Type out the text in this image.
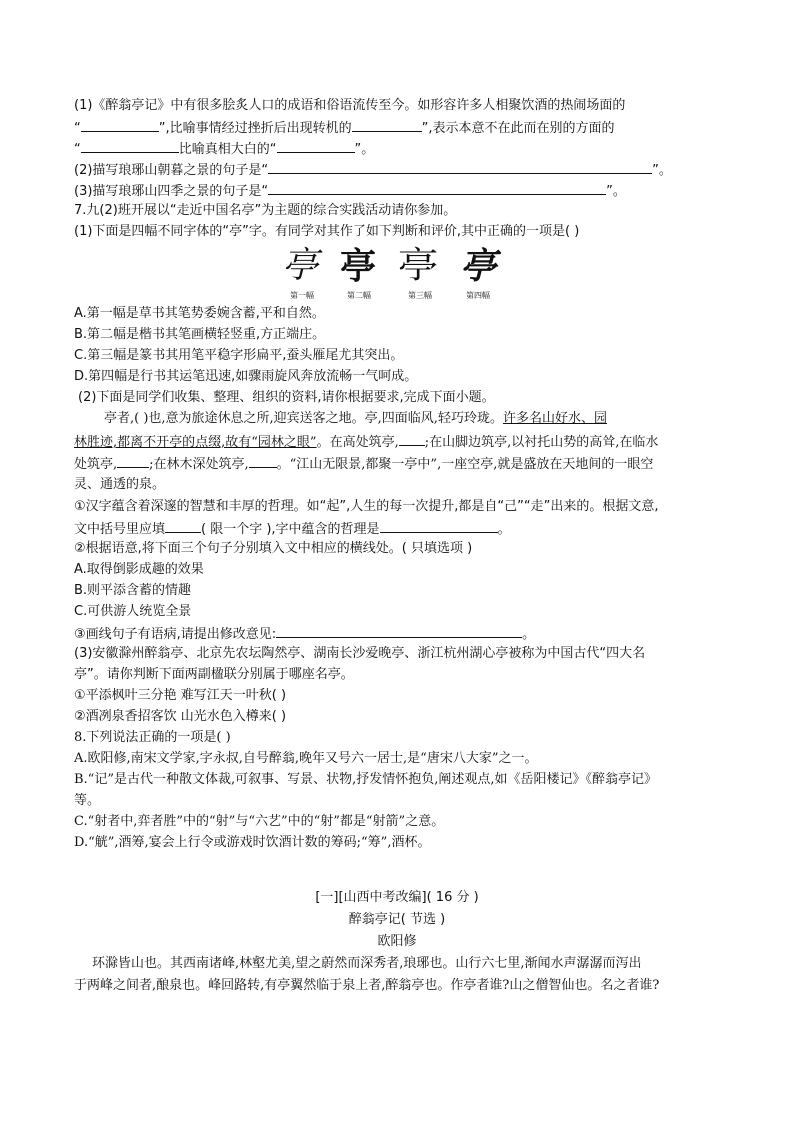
(1)《醉翁亭记》中有很多脍炙人口的成语和俗语流传至今。如形容许多人相聚饮酒的热闹场面的
“	”,比喻事情经过挫折后出现转机的	”,表示本意不在此而在别的方面的
“	比喻真相大白的“	”。
(2)描写琅琊山朝暮之景的句子是“	”。
(3)描写琅琊山四季之景的句子是“	”。
7.九(2)班开展以“走近中国名亭”为主题的综合实践活动请你参加。
(1)下面是四幅不同字体的“亭”字。有同学对其作了如下判断和评价,其中正确的一项是( )
亭 亭 亭 亭
第一幅	第二幅	第三幅	第四幅
A.第一幅是草书其笔势委婉含蓄,平和自然。
B.第二幅是楷书其笔画横轻竖重,方正端庄。
C.第三幅是篆书其用笔平稳字形扁平,蚕头雁尾尤其突出。
D.第四幅是行书其运笔迅速,如骤雨旋风奔放流畅一气呵成。
(2)下面是同学们收集、整理、组织的资料,请你根据要求,完成下面小题。
亭者,( )也,意为旅途休息之所,迎宾送客之地。亭,四面临风,轻巧玲珑。许多名山好水、园
林胜迹,都离不开亭的点缀,故有“园林之眼”。在高处筑亭, ;在山脚边筑亭,以衬托山势的高耸,在临水
处筑亭, ;在林木深处筑亭, 。“江山无限景,都聚一亭中”,一座空亭,就是盛放在天地间的一眼空
灵、通透的泉。
①汉字蕴含着深邃的智慧和丰厚的哲理。如“起”,人生的每一次提升,都是自“己”“走”出来的。根据文意,
文中括号里应填	( 限一个字 ),字中蕴含的哲理是	。
②根据语意,将下面三个句子分别填入文中相应的横线处。( 只填选项 )
A.取得倒影成趣的效果
B.则平添含蓄的情趣
C.可供游人统览全景
③画线句子有语病,请提出修改意见:	。
(3)安徽滁州醉翁亭、北京先农坛陶然亭、湖南长沙爱晚亭、浙江杭州湖心亭被称为中国古代“四大名
亭”。请你判断下面两副楹联分别属于哪座名亭。
①平添枫叶三分艳 难写江天一叶秋( )
②酒冽泉香招客饮 山光水色入樽来( )
8.下列说法正确的一项是( )
A.欧阳修,南宋文学家,字永叔,自号醉翁,晚年又号六一居士,是“唐宋八大家”之一。
B.“记”是古代一种散文体裁,可叙事、写景、状物,抒发情怀抱负,阐述观点,如《岳阳楼记》《醉翁亭记》
等。
C.“射者中,弈者胜”中的“射”与“六艺”中的“射”都是“射箭”之意。
D.“觥”,酒筹,宴会上行令或游戏时饮酒计数的筹码;“筹”,酒杯。
[一][山西中考改编]( 16 分 )
醉翁亭记( 节选 )
欧阳修
环滁皆山也。其西南诸峰,林壑尤美,望之蔚然而深秀者,琅琊也。山行六七里,渐闻水声潺潺而泻出
于两峰之间者,酿泉也。峰回路转,有亭翼然临于泉上者,醉翁亭也。作亭者谁?山之僧智仙也。名之者谁?
